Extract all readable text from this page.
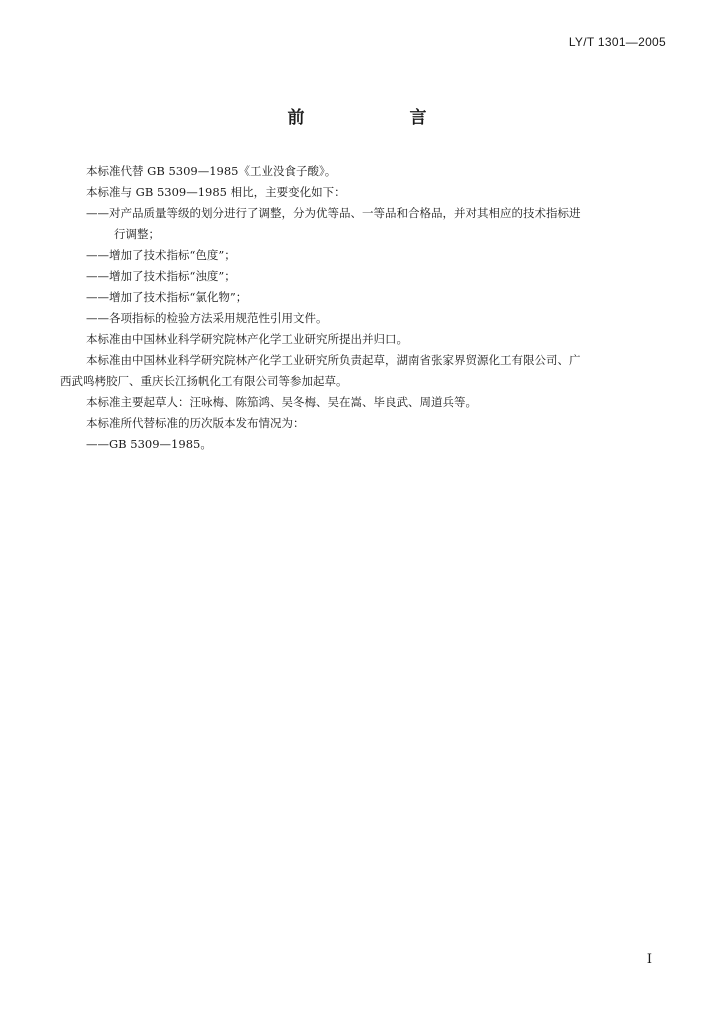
LY/T 1301—2005
前　言
本标准代替 GB 5309—1985《工业没食子酸》。
本标准与 GB 5309—1985 相比，主要变化如下：
——对产品质量等级的划分进行了调整，分为优等品、一等品和合格品，并对其相应的技术指标进
行调整；
——增加了技术指标“色度”；
——增加了技术指标“浊度”；
——增加了技术指标“氯化物”；
——各项指标的检验方法采用规范性引用文件。
本标准由中国林业科学研究院林产化学工业研究所提出并归口。
本标准由中国林业科学研究院林产化学工业研究所负责起草，湖南省张家界贸源化工有限公司、广
西武鸣栲胶厂、重庆长江扬帆化工有限公司等参加起草。
本标准主要起草人：汪咏梅、陈笳鸿、吴冬梅、吴在嵩、毕良武、周道兵等。
本标准所代替标准的历次版本发布情况为：
——GB 5309—1985。
I
